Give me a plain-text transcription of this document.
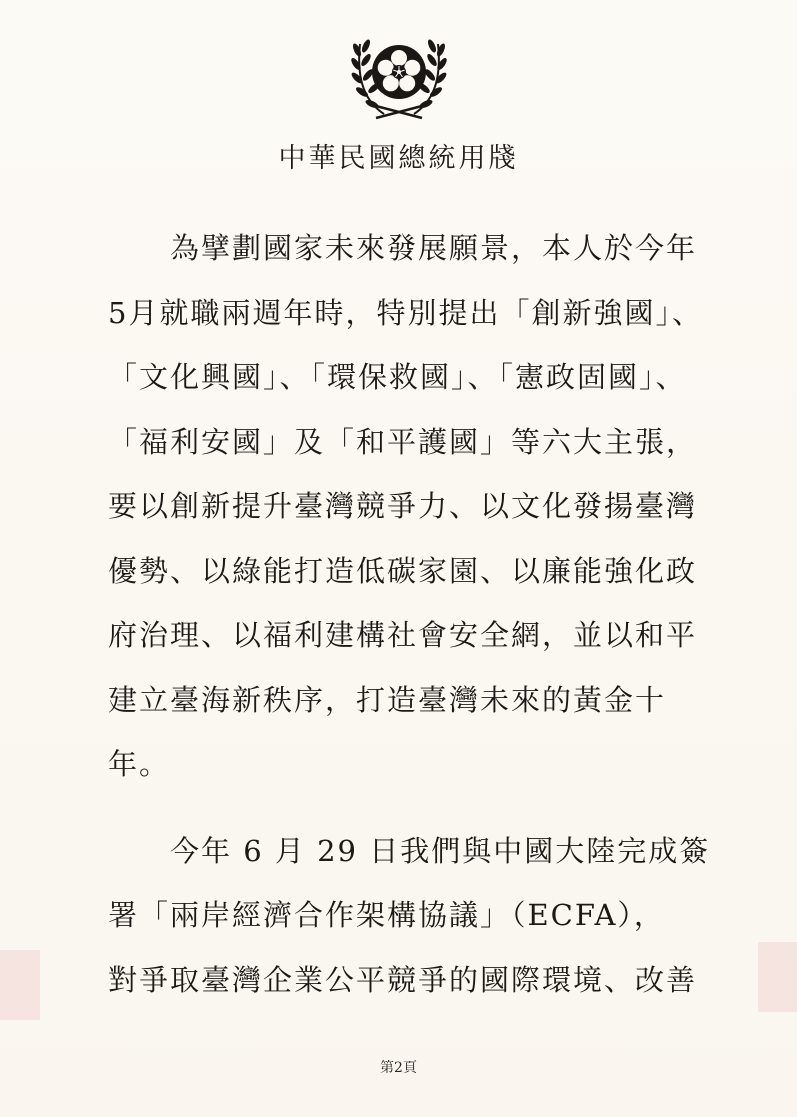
中華民國總統用牋
　　為擘劃國家未來發展願景，本人於今年
5月就職兩週年時，特別提出「創新強國」、
「文化興國」、「環保救國」、「憲政固國」、
「福利安國」及「和平護國」等六大主張，
要以創新提升臺灣競爭力、以文化發揚臺灣
優勢、以綠能打造低碳家園、以廉能強化政
府治理、以福利建構社會安全網，並以和平
建立臺海新秩序，打造臺灣未來的黃金十
年。
　　今年 6 月 29 日我們與中國大陸完成簽
署「兩岸經濟合作架構協議」（ECFA），
對爭取臺灣企業公平競爭的國際環境、改善
第2頁
